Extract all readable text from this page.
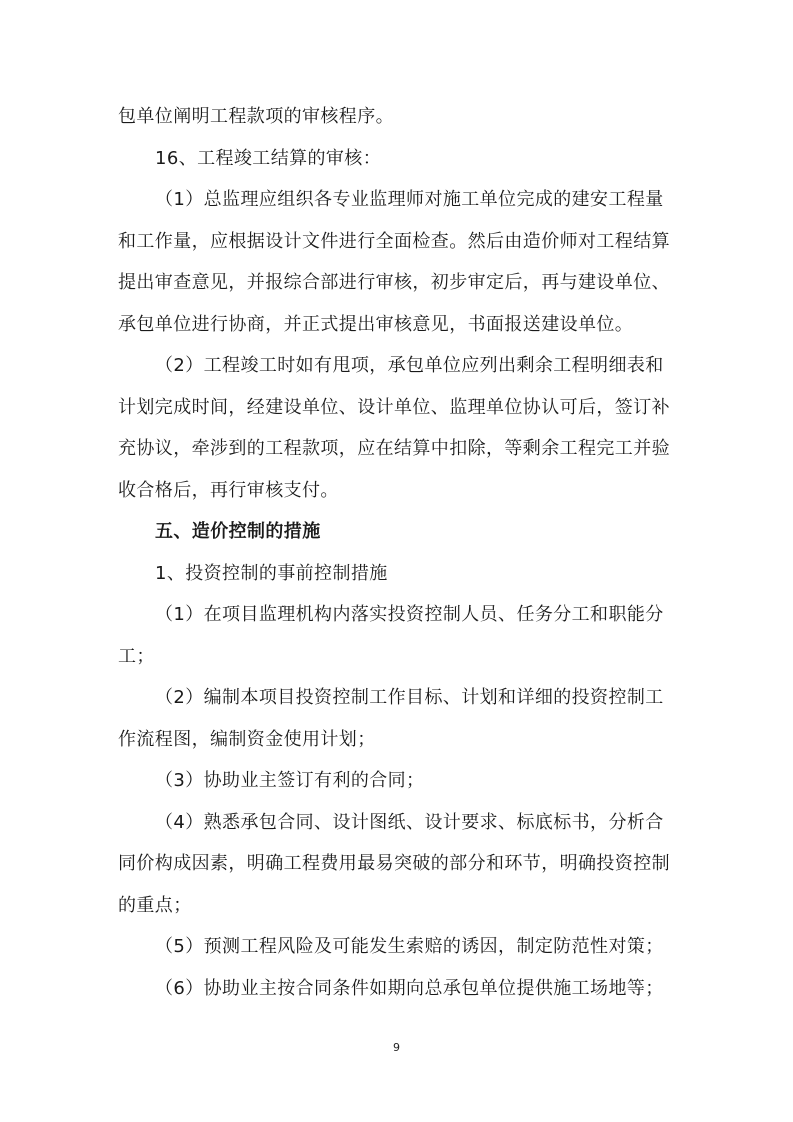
包单位阐明工程款项的审核程序。

16、工程竣工结算的审核：

（1）总监理应组织各专业监理师对施工单位完成的建安工程量和工作量，应根据设计文件进行全面检查。然后由造价师对工程结算提出审查意见，并报综合部进行审核，初步审定后，再与建设单位、承包单位进行协商，并正式提出审核意见，书面报送建设单位。

（2）工程竣工时如有甩项，承包单位应列出剩余工程明细表和计划完成时间，经建设单位、设计单位、监理单位协认可后，签订补充协议，牵涉到的工程款项，应在结算中扣除，等剩余工程完工并验收合格后，再行审核支付。

五、造价控制的措施

1、投资控制的事前控制措施

（1）在项目监理机构内落实投资控制人员、任务分工和职能分工；

（2）编制本项目投资控制工作目标、计划和详细的投资控制工作流程图，编制资金使用计划；

（3）协助业主签订有利的合同；

（4）熟悉承包合同、设计图纸、设计要求、标底标书，分析合同价构成因素，明确工程费用最易突破的部分和环节，明确投资控制的重点；

（5）预测工程风险及可能发生索赔的诱因，制定防范性对策；

（6）协助业主按合同条件如期向总承包单位提供施工场地等；

9
